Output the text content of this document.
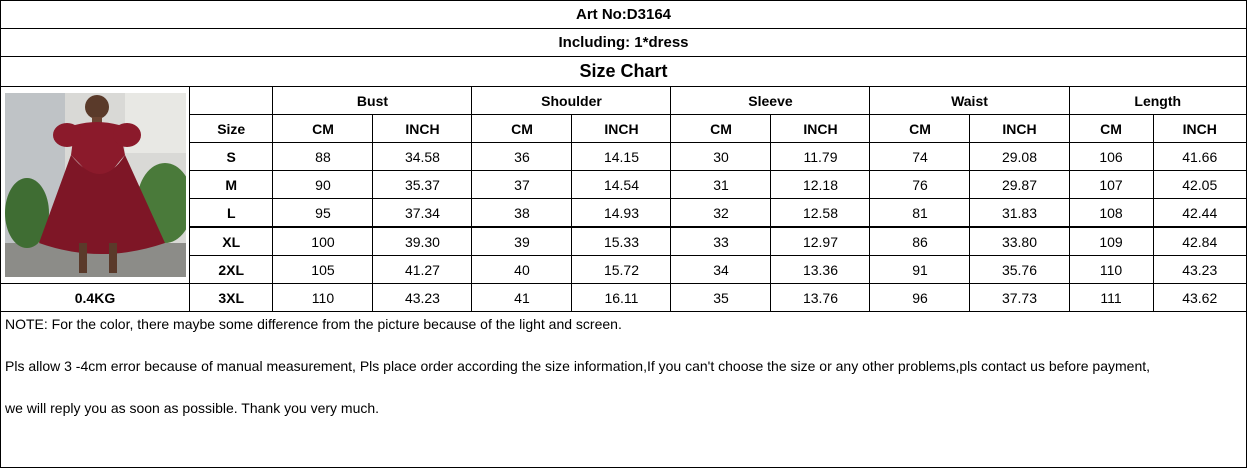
Art No:D3164
Including: 1*dress
Size Chart
0.4KG
	Bust		Shoulder		Sleeve		Waist		Length	
Size	CM	INCH	CM	INCH	CM	INCH	CM	INCH	CM	INCH
S	88	34.58	36	14.15	30	11.79	74	29.08	106	41.66
M	90	35.37	37	14.54	31	12.18	76	29.87	107	42.05
L	95	37.34	38	14.93	32	12.58	81	31.83	108	42.44
XL	100	39.30	39	15.33	33	12.97	86	33.80	109	42.84
2XL	105	41.27	40	15.72	34	13.36	91	35.76	110	43.23
3XL	110	43.23	41	16.11	35	13.76	96	37.73	111	43.62

NOTE: For the color, there maybe some difference from the picture because of the light and screen.

Pls allow 3 -4cm error because of manual measurement, Pls place order according the size information,If you can't choose the size or any other problems,pls contact us before payment,

we will reply you as soon as possible. Thank you very much.
